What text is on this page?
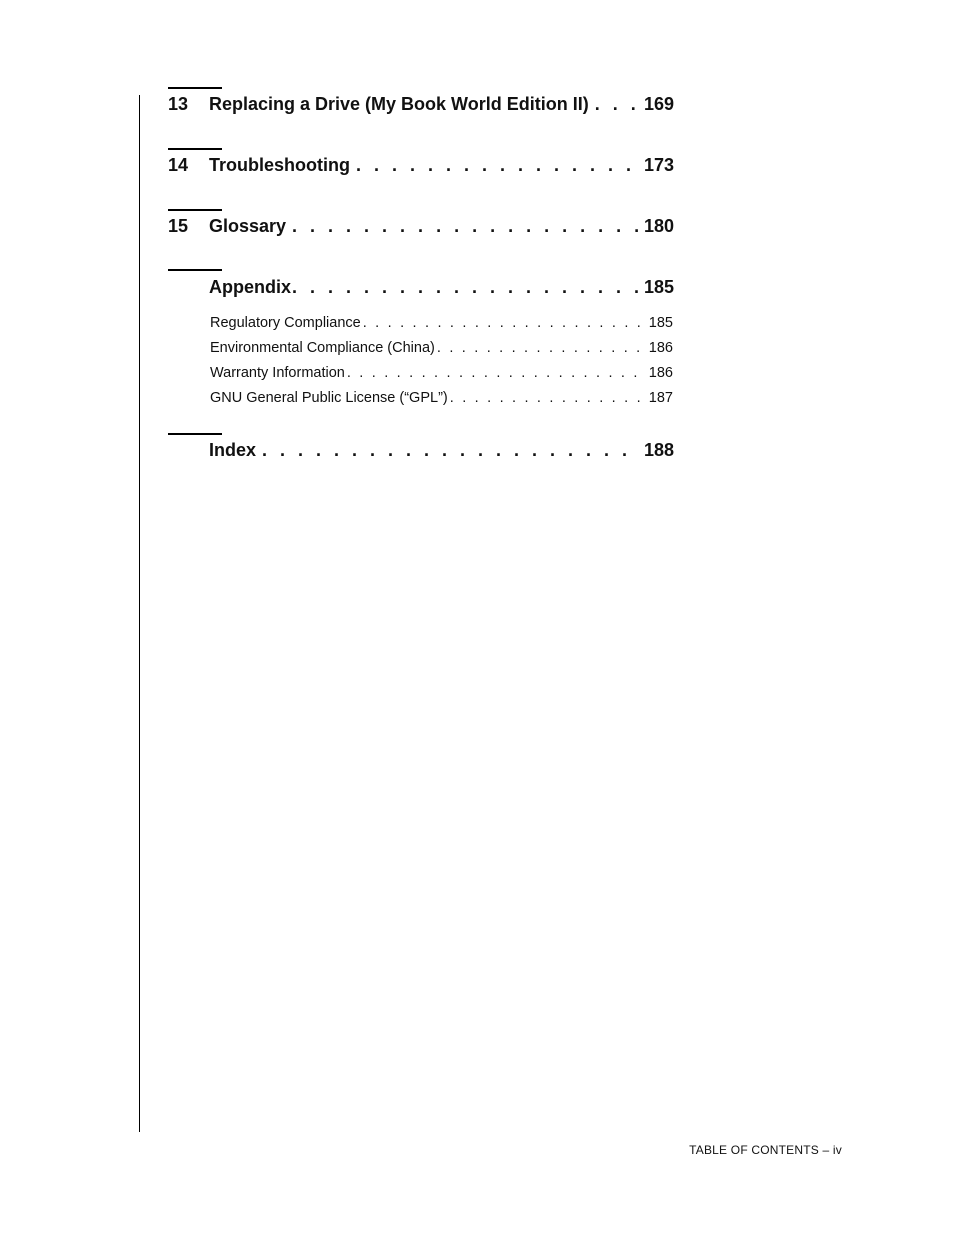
13	Replacing a Drive (My Book World Edition II) . . .	169
14	Troubleshooting . . .	173
15	Glossary . . .	180
Appendix . . .	185
Regulatory Compliance . . .	185
Environmental Compliance (China) . . .	186
Warranty Information . . .	186
GNU General Public License (“GPL”) . . .	187
Index . . .	188
TABLE OF CONTENTS – iv
